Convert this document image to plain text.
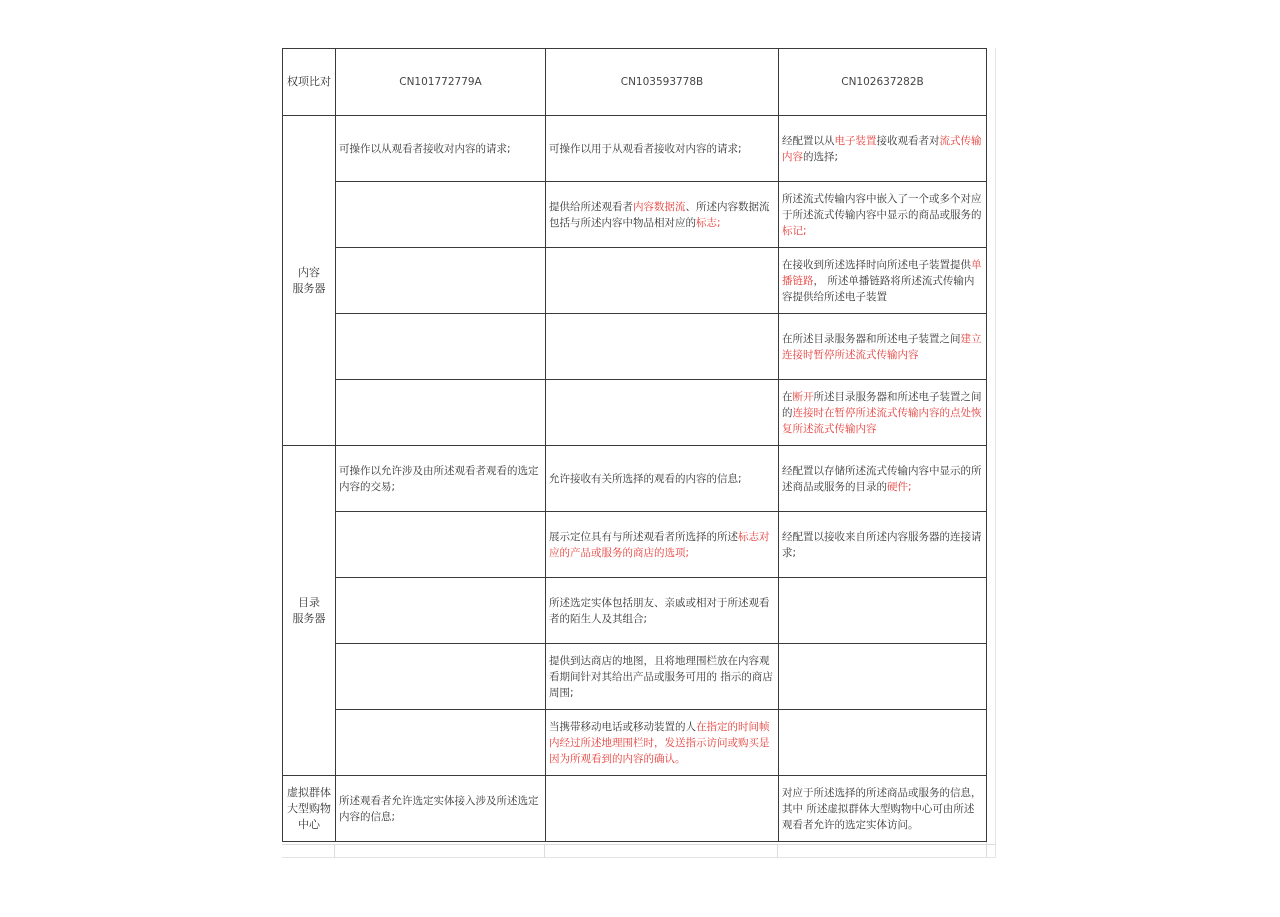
权项比对	CN101772779A	CN103593778B	CN102637282B
内容
服务器	可操作以从观看者接收对内容的请求;	可操作以用于从观看者接收对内容的请求;	经配置以从电子装置接收观看者对流式传输内容的选择;
		提供给所述观看者内容数据流、所述内容数据流包括与所述内容中物品相对应的标志;	所述流式传输内容中嵌入了一个或多个对应于所述流式传输内容中显示的商品或服务的标记;
			在接收到所述选择时向所述电子装置提供单播链路， 所述单播链路将所述流式传输内容提供给所述电子装置
			在所述目录服务器和所述电子装置之间建立连接时暂停所述流式传输内容
			在断开所述目录服务器和所述电子装置之间的连接时在暂停所述流式传输内容的点处恢复所述流式传输内容
目录
服务器	可操作以允许涉及由所述观看者观看的选定内容的交易;	允许接收有关所选择的观看的内容的信息;	经配置以存储所述流式传输内容中显示的所述商品或服务的目录的硬件;
		展示定位具有与所述观看者所选择的所述标志对应的产品或服务的商店的选项;	经配置以接收来自所述内容服务器的连接请求;
		所述选定实体包括朋友、亲戚或相对于所述观看 者的陌生人及其组合;	
		提供到达商店的地图，且将地理围栏放在内容观看期间针对其给出产品或服务可用的 指示的商店周围;	
		当携带移动电话或移动装置的人在指定的时间帧内经过所述地理围栏时，发送指示访问或购买是因为所观看到的内容的确认。	
虚拟群体
大型购物
中心	所述观看者允许选定实体接入涉及所述选定内容的信息;		对应于所述选择的所述商品或服务的信息，其中 所述虚拟群体大型购物中心可由所述观看者允许的选定实体访问。
